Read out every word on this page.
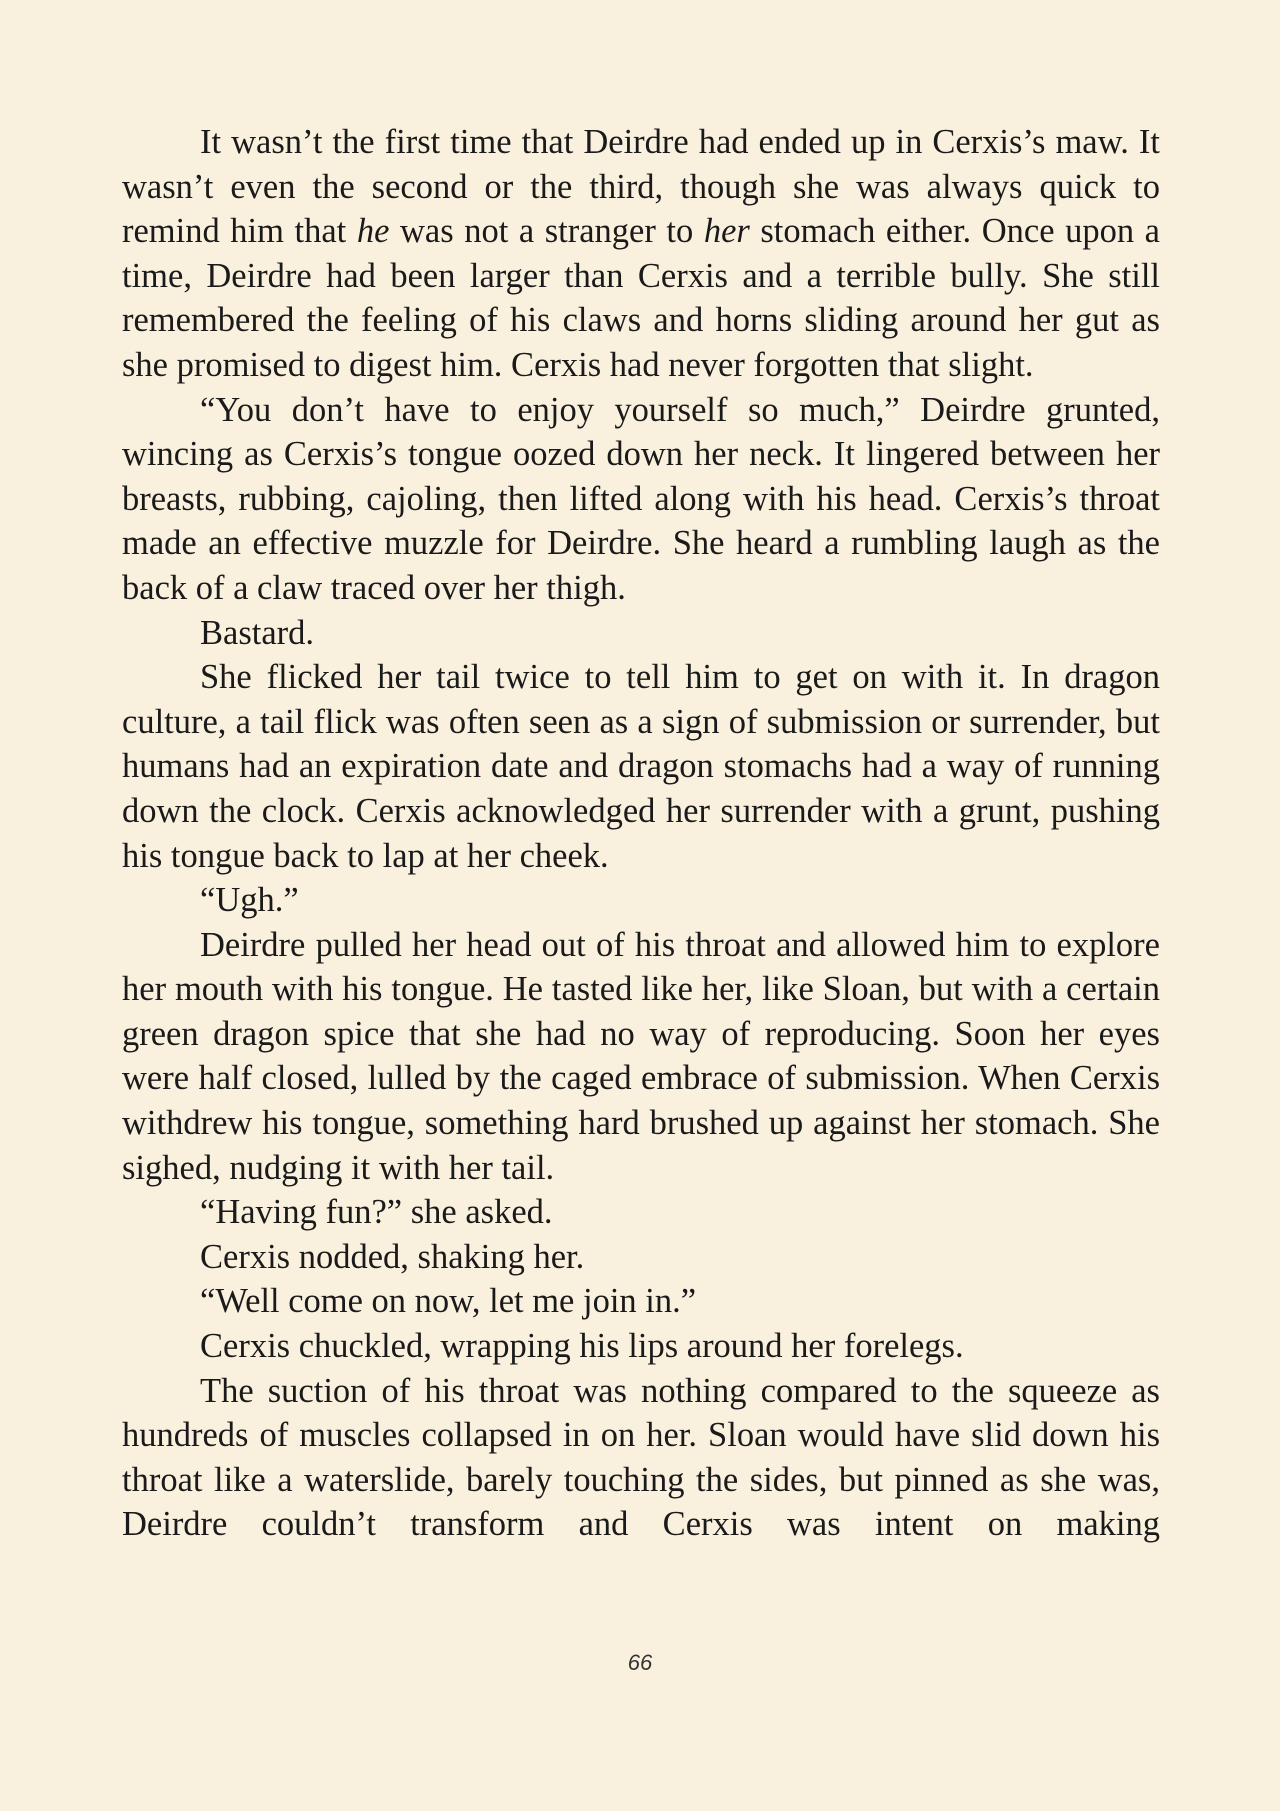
It wasn’t the first time that Deirdre had ended up in Cerxis’s maw. It wasn’t even the second or the third, though she was always quick to remind him that he was not a stranger to her stomach either. Once upon a time, Deirdre had been larger than Cerxis and a terrible bully. She still remembered the feeling of his claws and horns sliding around her gut as she promised to digest him. Cerxis had never forgotten that slight.

“You don’t have to enjoy yourself so much,” Deirdre grunted, wincing as Cerxis’s tongue oozed down her neck. It lingered between her breasts, rubbing, cajoling, then lifted along with his head. Cerxis’s throat made an effective muzzle for Deirdre. She heard a rumbling laugh as the back of a claw traced over her thigh.

Bastard.

She flicked her tail twice to tell him to get on with it. In dragon culture, a tail flick was often seen as a sign of submission or surrender, but humans had an expiration date and dragon stomachs had a way of running down the clock. Cerxis acknowledged her surrender with a grunt, pushing his tongue back to lap at her cheek.

“Ugh.”

Deirdre pulled her head out of his throat and allowed him to explore her mouth with his tongue. He tasted like her, like Sloan, but with a certain green dragon spice that she had no way of reproducing. Soon her eyes were half closed, lulled by the caged embrace of submission. When Cerxis withdrew his tongue, something hard brushed up against her stomach. She sighed, nudging it with her tail.

“Having fun?” she asked.

Cerxis nodded, shaking her.

“Well come on now, let me join in.”

Cerxis chuckled, wrapping his lips around her forelegs.

The suction of his throat was nothing compared to the squeeze as hundreds of muscles collapsed in on her. Sloan would have slid down his throat like a waterslide, barely touching the sides, but pinned as she was, Deirdre couldn’t transform and Cerxis was intent on making

66
